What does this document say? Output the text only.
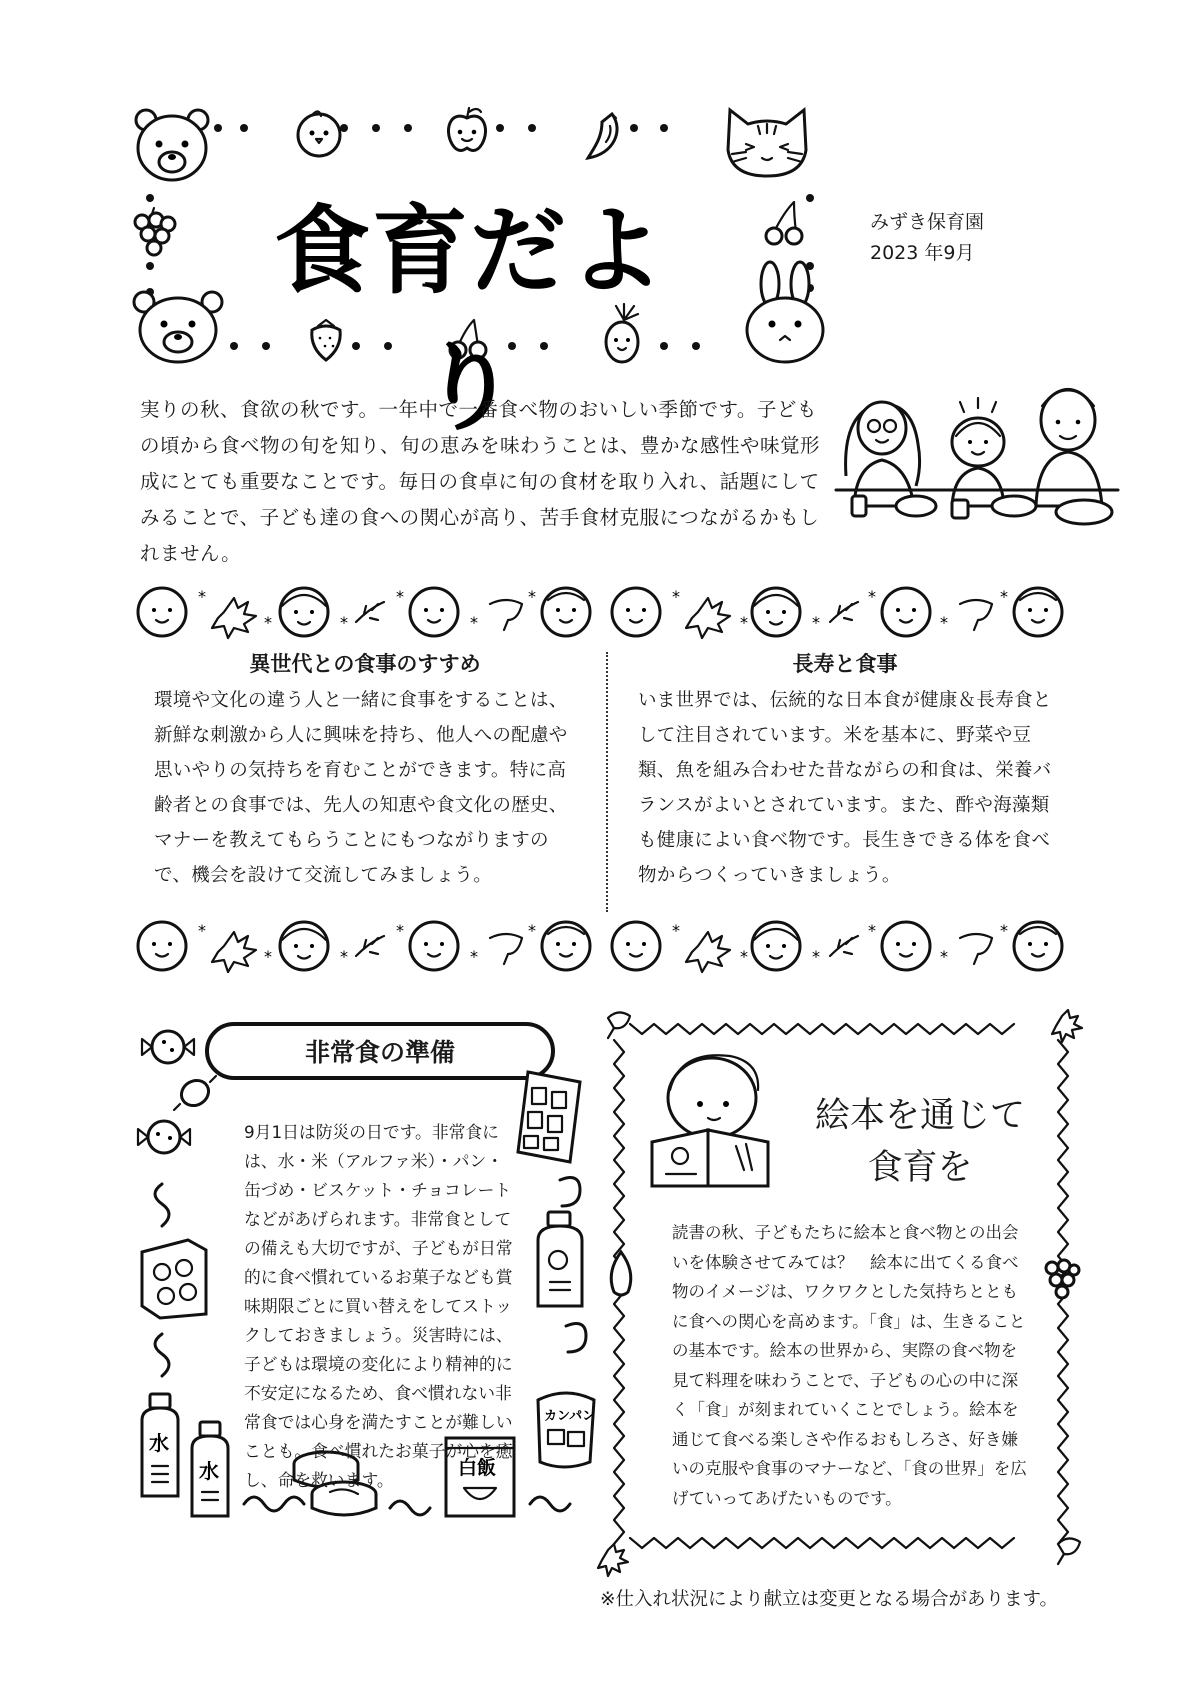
食育だより
みずき保育園
2023 年9月
実りの秋、食欲の秋です。一年中で一番食べ物のおいしい季節です。子どもの頃から食べ物の旬を知り、旬の恵みを味わうことは、豊かな感性や味覚形成にとても重要なことです。毎日の食卓に旬の食材を取り入れ、話題にしてみることで、子ども達の食への関心が高り、苦手食材克服につながるかもしれません。
*
*	*
*
*
*	*
*	*
*
*
*
異世代との食事のすすめ
環境や文化の違う人と一緒に食事をすることは、新鮮な刺激から人に興味を持ち、他人への配慮や思いやりの気持ちを育むことができます。特に高齢者との食事では、先人の知恵や食文化の歴史、マナーを教えてもらうことにもつながりますので、機会を設けて交流してみましょう。
長寿と食事
いま世界では、伝統的な日本食が健康＆長寿食として注目されています。米を基本に、野菜や豆類、魚を組み合わせた昔ながらの和食は、栄養バランスがよいとされています。また、酢や海藻類も健康によい食べ物です。長生きできる体を食べ物からつくっていきましょう。
*
*	*
*
*
*	*
*	*
*
*
*
非常食の準備
水
水	白飯
カンパン
9月1日は防災の日です。非常食には、水・米（アルファ米）・パン・缶づめ・ビスケット・チョコレートなどがあげられます。非常食としての備えも大切ですが、子どもが日常的に食べ慣れているお菓子なども賞味期限ごとに買い替えをしてストックしておきましょう。災害時には、子どもは環境の変化により精神的に不安定になるため、食べ慣れない非常食では心身を満たすことが難しいことも。食べ慣れたお菓子が心を癒し、命を救います。
絵本を通じて
食育を
読書の秋、子どもたちに絵本と食べ物との出会いを体験させてみては？　絵本に出てくる食べ物のイメージは、ワクワクとした気持ちとともに食への関心を高めます。「食」は、生きることの基本です。絵本の世界から、実際の食べ物を見て料理を味わうことで、子どもの心の中に深く「食」が刻まれていくことでしょう。絵本を通じて食べる楽しさや作るおもしろさ、好き嫌いの克服や食事のマナーなど、「食の世界」を広げていってあげたいものです。
※仕入れ状況により献立は変更となる場合があります。
